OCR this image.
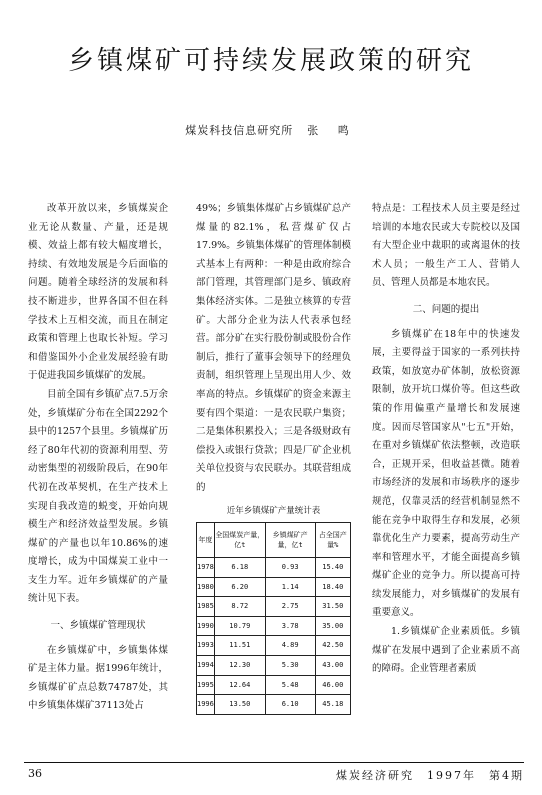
乡镇煤矿可持续发展政策的研究
煤炭科技信息研究所 张 鸣

改革开放以来，乡镇煤炭企业无论从数量、产量，还是规模、效益上都有较大幅度增长，持续、有效地发展是今后面临的问题。随着全球经济的发展和科技不断进步，世界各国不但在科学技术上互相交流，而且在制定政策和管理上也取长补短。学习和借鉴国外小企业发展经验有助于促进我国乡镇煤矿的发展。

目前全国有乡镇矿点7.5万余处，乡镇煤矿分布在全国2292个县中的1257个县里。乡镇煤矿历经了80年代初的资源利用型、劳动密集型的初级阶段后，在90年代初在改革契机，在生产技术上实现自我改造的蜕变，开始向规模生产和经济效益型发展。乡镇煤矿的产量也以年10.86%的速度增长，成为中国煤炭工业中一支生力军。近年乡镇煤矿的产量统计见下表。

一、乡镇煤矿管理现状

在乡镇煤矿中，乡镇集体煤矿是主体力量。据1996年统计，乡镇煤矿矿点总数74787处，其中乡镇集体煤矿37113处占

49%；乡镇集体煤矿占乡镇煤矿总产煤量的82.1%，私营煤矿仅占17.9%。乡镇集体煤矿的管理体制模式基本上有两种：一种是由政府综合部门管理，其管理部门是乡、镇政府集体经济实体。二是独立核算的专营矿。大部分企业为法人代表承包经营。部分矿在实行股份制或股份合作制后，推行了董事会领导下的经理负责制，组织管理上呈现出用人少、效率高的特点。乡镇煤矿的资金来源主要有四个渠道：一是农民联户集资；二是集体积累投入；三是各级财政有偿投入或银行贷款；四是厂矿企业机关单位投资与农民联办。其联营组成的

近年乡镇煤矿产量统计表
年度	全国煤炭产量，亿t	乡镇煤矿产量，亿t	占全国产量%
1978	6.18	0.93	15.40
1980	6.20	1.14	18.40
1985	8.72	2.75	31.50
1990	10.79	3.78	35.00
1993	11.51	4.89	42.50
1994	12.30	5.30	43.00
1995	12.64	5.48	46.00
1996	13.50	6.10	45.18

特点是：工程技术人员主要是经过培训的本地农民或大专院校以及国有大型企业中裁职的或离退休的技术人员；一般生产工人、营销人员、管理人员都是本地农民。

二、问题的提出

乡镇煤矿在18年中的快速发展，主要得益于国家的一系列扶持政策，如放宽办矿体制，放松资源限制，放开坑口煤价等。但这些政策的作用偏重产量增长和发展速度。因而尽管国家从"七五"开始，在重对乡镇煤矿依法整顿，改造联合，正规开采，但收益甚微。随着市场经济的发展和市场秩序的逐步规范，仅靠灵活的经营机制显然不能在竞争中取得生存和发展，必须靠优化生产力要素，提高劳动生产率和管理水平，才能全面提高乡镇煤矿企业的竞争力。所以提高可持续发展能力，对乡镇煤矿的发展有重要意义。

1.乡镇煤矿企业素质低。乡镇煤矿在发展中遇到了企业素质不高的障碍。企业管理者素质

36	煤炭经济研究　1997年　第4期
